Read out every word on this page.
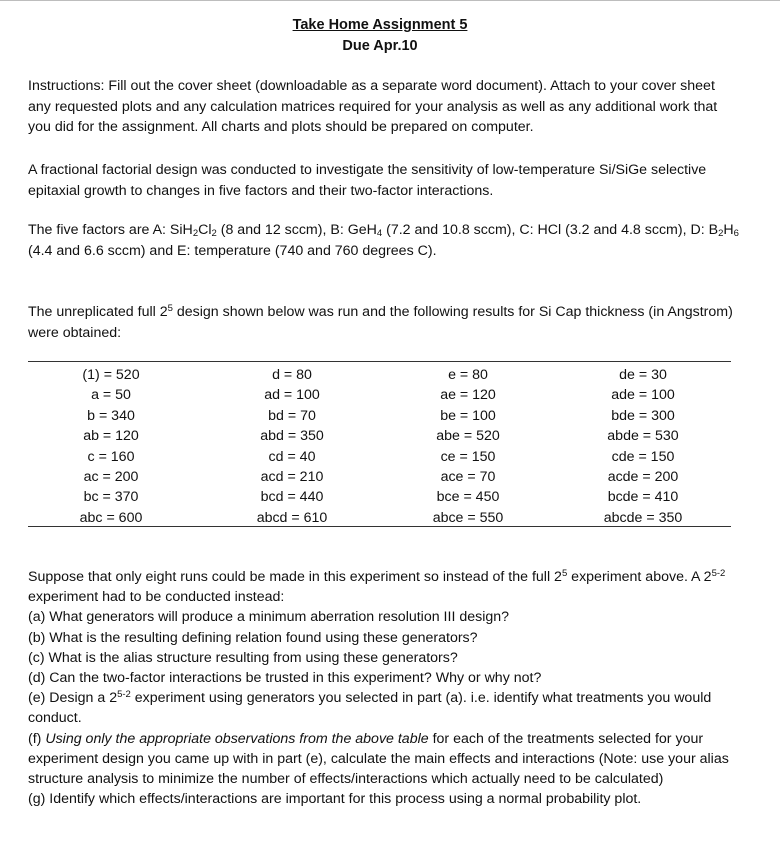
Take Home Assignment 5
Due Apr.10

Instructions: Fill out the cover sheet (downloadable as a separate word document). Attach to your cover sheet any requested plots and any calculation matrices required for your analysis as well as any additional work that you did for the assignment. All charts and plots should be prepared on computer.

A fractional factorial design was conducted to investigate the sensitivity of low-temperature Si/SiGe selective epitaxial growth to changes in five factors and their two-factor interactions.

The five factors are A: $SiH_2Cl_2$ (8 and 12 sccm), B: GeH$_4$ (7.2 and 10.8 sccm), C: HCl (3.2 and 4.8 sccm), D: $B_2H_6$ (4.4 and 6.6 sccm) and E: temperature (740 and 760 degrees C).

The unreplicated full $2^5$ design shown below was run and the following results for Si Cap thickness (in Angstrom) were obtained:

(1) = 520
a = 50
b = 340
ab = 120
c = 160
ac = 200
bc = 370
abc = 600
d = 80
ad = 100
bd = 70
abd = 350
cd = 40
acd = 210
bcd = 440
abcd = 610
e = 80
ae = 120
be = 100
abe = 520
ce = 150
ace = 70
bce = 450
abce = 550
de = 30
ade = 100
bde = 300
abde = 530
cde = 150
acde = 200
bcde = 410
abcde = 350

Suppose that only eight runs could be made in this experiment so instead of the full $2^5$ experiment above. A 2$^{5-2}$ experiment had to be conducted instead:

(a) What generators will produce a minimum aberration resolution III design?

(b) What is the resulting defining relation found using these generators?

(c) What is the alias structure resulting from using these generators?

(d) Can the two-factor interactions be trusted in this experiment? Why or why not?

(e) Design a 2$^{5-2}$ experiment using generators you selected in part (a). i.e. identify what treatments you would conduct.

(f) Using only the appropriate observations from the above table for each of the treatments selected for your experiment design you came up with in part (e), calculate the main effects and interactions (Note: use your alias structure analysis to minimize the number of effects/interactions which actually need to be calculated)

(g) Identify which effects/interactions are important for this process using a normal probability plot.
